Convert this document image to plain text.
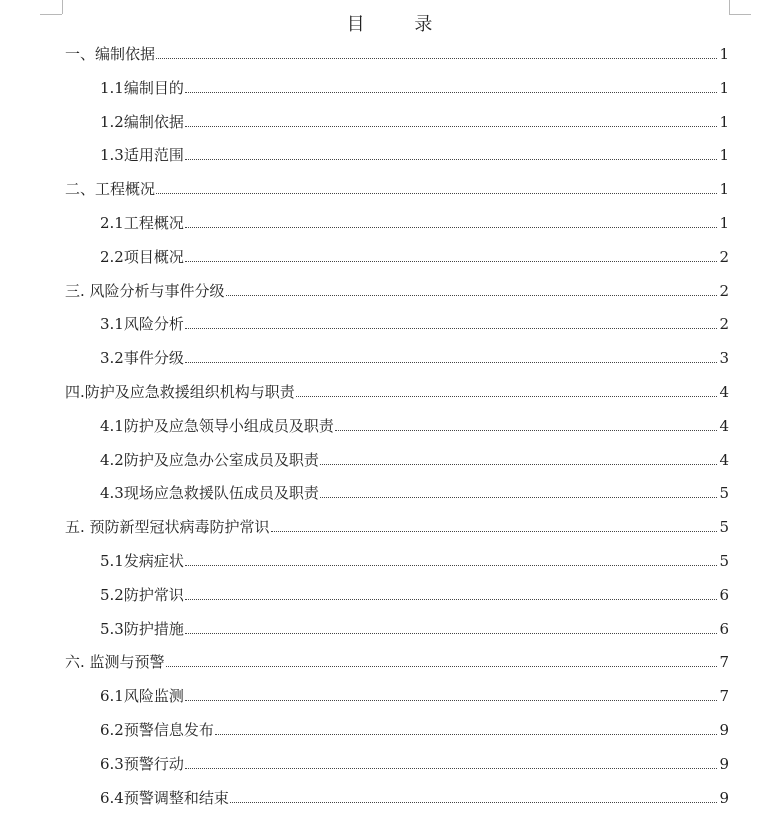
目 录
一、编制依据	1
1.1编制目的	1
1.2编制依据	1
1.3适用范围	1
二、工程概况	1
2.1工程概况	1
2.2项目概况	2
三. 风险分析与事件分级	2
3.1风险分析	2
3.2事件分级	3
四.防护及应急救援组织机构与职责	4
4.1防护及应急领导小组成员及职责	4
4.2防护及应急办公室成员及职责	4
4.3现场应急救援队伍成员及职责	5
五. 预防新型冠状病毒防护常识	5
5.1发病症状	5
5.2防护常识	6
5.3防护措施	6
六. 监测与预警	7
6.1风险监测	7
6.2预警信息发布	9
6.3预警行动	9
6.4预警调整和结束	9
